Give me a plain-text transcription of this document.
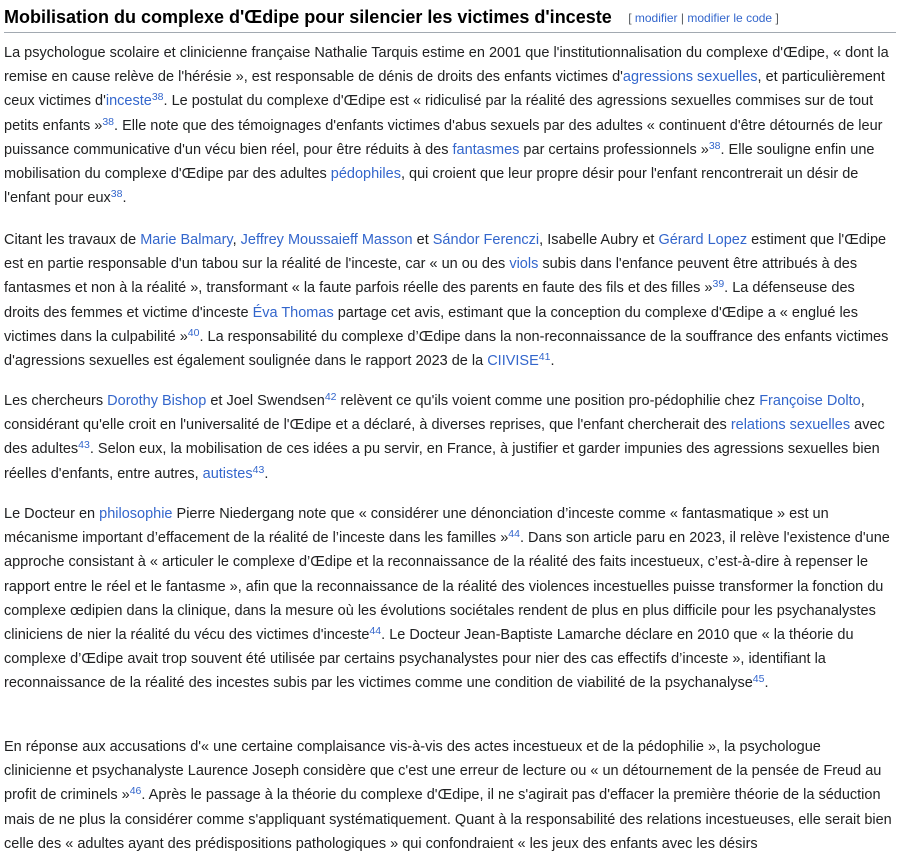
Mobilisation du complexe d'Œdipe pour silencier les victimes d'inceste [ modifier | modifier le code ]

La psychologue scolaire et clinicienne française Nathalie Tarquis estime en 2001 que l'institutionnalisation du complexe d'Œdipe, « dont la remise en cause relève de l'hérésie », est responsable de dénis de droits des enfants victimes d'agressions sexuelles, et particulièrement ceux victimes d'inceste$^{38}$. Le postulat du complexe d'Œdipe est « ridiculisé par la réalité des agressions sexuelles commises sur de tout petits enfants »$^{38}$. Elle note que des témoignages d'enfants victimes d'abus sexuels par des adultes « continuent d'être détournés de leur puissance communicative d'un vécu bien réel, pour être réduits à des fantasmes par certains professionnels »$^{38}$. Elle souligne enfin une mobilisation du complexe d'Œdipe par des adultes pédophiles, qui croient que leur propre désir pour l'enfant rencontrerait un désir de l'enfant pour eux$^{38}$.

Citant les travaux de Marie Balmary, Jeffrey Moussaieff Masson et Sándor Ferenczi, Isabelle Aubry et Gérard Lopez estiment que l'Œdipe est en partie responsable d'un tabou sur la réalité de l'inceste, car « un ou des viols subis dans l'enfance peuvent être attribués à des fantasmes et non à la réalité », transformant « la faute parfois réelle des parents en faute des fils et des filles »$^{39}$. La défenseuse des droits des femmes et victime d'inceste Éva Thomas partage cet avis, estimant que la conception du complexe d'Œdipe a « englué les victimes dans la culpabilité »$^{40}$. La responsabilité du complexe d’Œdipe dans la non-reconnaissance de la souffrance des enfants victimes d'agressions sexuelles est également soulignée dans le rapport 2023 de la CIIVISE$^{41}$.

Les chercheurs Dorothy Bishop et Joel Swendsen$^{42}$ relèvent ce qu'ils voient comme une position pro-pédophilie chez Françoise Dolto, considérant qu'elle croit en l'universalité de l'Œdipe et a déclaré, à diverses reprises, que l'enfant chercherait des relations sexuelles avec des adultes$^{43}$. Selon eux, la mobilisation de ces idées a pu servir, en France, à justifier et garder impunies des agressions sexuelles bien réelles d'enfants, entre autres, autistes$^{43}$.

Le Docteur en philosophie Pierre Niedergang note que « considérer une dénonciation d’inceste comme « fantasmatique » est un mécanisme important d’effacement de la réalité de l’inceste dans les familles »$^{44}$. Dans son article paru en 2023, il relève l'existence d'une approche consistant à « articuler le complexe d’Œdipe et la reconnaissance de la réalité des faits incestueux, c’est-à-dire à repenser le rapport entre le réel et le fantasme », afin que la reconnaissance de la réalité des violences incestuelles puisse transformer la fonction du complexe œdipien dans la clinique, dans la mesure où les évolutions sociétales rendent de plus en plus difficile pour les psychanalystes cliniciens de nier la réalité du vécu des victimes d'inceste$^{44}$. Le Docteur Jean-Baptiste Lamarche déclare en 2010 que « la théorie du complexe d’Œdipe avait trop souvent été utilisée par certains psychanalystes pour nier des cas effectifs d’inceste », identifiant la reconnaissance de la réalité des incestes subis par les victimes comme une condition de viabilité de la psychanalyse$^{45}$.

En réponse aux accusations d'« une certaine complaisance vis-à-vis des actes incestueux et de la pédophilie », la psychologue clinicienne et psychanalyste Laurence Joseph considère que c'est une erreur de lecture ou « un détournement de la pensée de Freud au profit de criminels »$^{46}$. Après le passage à la théorie du complexe d'Œdipe, il ne s'agirait pas d'effacer la première théorie de la séduction mais de ne plus la considérer comme s'appliquant systématiquement. Quant à la responsabilité des relations incestueuses, elle serait bien celle des « adultes ayant des prédispositions pathologiques » qui confondraient « les jeux des enfants avec les désirs
